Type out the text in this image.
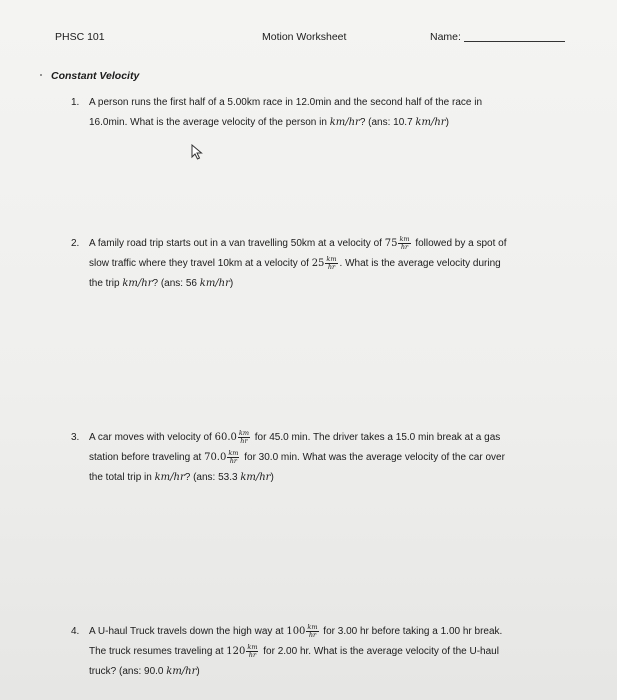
PHSC 101	Motion Worksheet	Name:
Constant Velocity
1. A person runs the first half of a 5.00km race in 12.0min and the second half of the race in
16.0min. What is the average velocity of the person in km/hr? (ans: 10.7 km/hr)
2. A family road trip starts out in a van travelling 50km at a velocity of $75 \frac{km}{hr}$ followed by a spot of
slow traffic where they travel 10km at a velocity of $25 \frac{km}{hr}$ . What is the average velocity during
the trip km/hr? (ans: 56 km/hr)
3. A car moves with velocity of $60.0 \frac{km}{hr}$ for 45.0 min. The driver takes a 15.0 min break at a gas
station before traveling at $70.0 \frac{km}{hr}$ for 30.0 min. What was the average velocity of the car over
the total trip in km/hr? (ans: 53.3 km/hr)
4. A U-haul Truck travels down the high way at $100 \frac{km}{hr}$ for 3.00 hr before taking a 1.00 hr break.
The truck resumes traveling at $120 \frac{km}{hr}$ for 2.00 hr. What is the average velocity of the U-haul
truck? (ans: 90.0 km/hr)
